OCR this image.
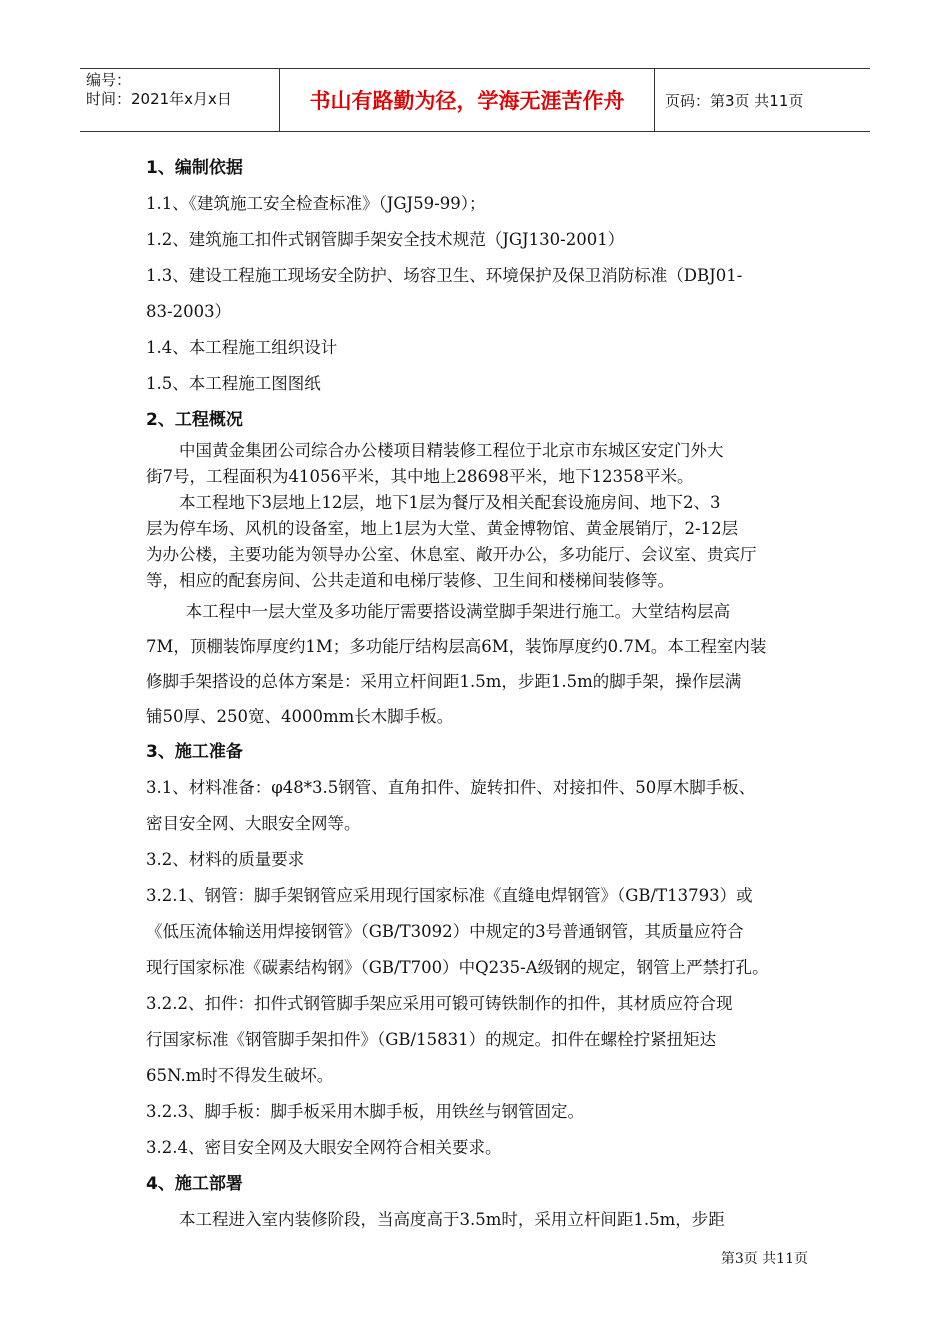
编号：
时间：2021年x月x日	书山有路勤为径，学海无涯苦作舟	页码：第3页 共11页

1、编制依据

1.1、《建筑施工安全检查标准》（JGJ59-99）；

1.2、建筑施工扣件式钢管脚手架安全技术规范（JGJ130-2001）

1.3、建设工程施工现场安全防护、场容卫生、环境保护及保卫消防标准（DBJ01-

83-2003）

1.4、本工程施工组织设计

1.5、本工程施工图图纸

2、工程概况

中国黄金集团公司综合办公楼项目精装修工程位于北京市东城区安定门外大

街7号，工程面积为41056平米，其中地上28698平米，地下12358平米。

本工程地下3层地上12层，地下1层为餐厅及相关配套设施房间、地下2、3

层为停车场、风机的设备室，地上1层为大堂、黄金博物馆、黄金展销厅，2-12层

为办公楼，主要功能为领导办公室、休息室、敞开办公，多功能厅、会议室、贵宾厅

等，相应的配套房间、公共走道和电梯厅装修、卫生间和楼梯间装修等。

本工程中一层大堂及多功能厅需要搭设满堂脚手架进行施工。大堂结构层高

7M，顶棚装饰厚度约1M；多功能厅结构层高6M，装饰厚度约0.7M。本工程室内装

修脚手架搭设的总体方案是：采用立杆间距1.5m，步距1.5m的脚手架，操作层满

铺50厚、250宽、4000mm长木脚手板。

3、施工准备

3.1、材料准备：φ48*3.5钢管、直角扣件、旋转扣件、对接扣件、50厚木脚手板、

密目安全网、大眼安全网等。

3.2、材料的质量要求

3.2.1、钢管：脚手架钢管应采用现行国家标准《直缝电焊钢管》（GB/T13793）或

《低压流体输送用焊接钢管》（GB/T3092）中规定的3号普通钢管，其质量应符合

现行国家标准《碳素结构钢》（GB/T700）中Q235-A级钢的规定，钢管上严禁打孔。

3.2.2、扣件：扣件式钢管脚手架应采用可锻可铸铁制作的扣件，其材质应符合现

行国家标准《钢管脚手架扣件》（GB/15831）的规定。扣件在螺栓拧紧扭矩达

65N.m时不得发生破坏。

3.2.3、脚手板：脚手板采用木脚手板，用铁丝与钢管固定。

3.2.4、密目安全网及大眼安全网符合相关要求。

4、施工部署

本工程进入室内装修阶段，当高度高于3.5m时，采用立杆间距1.5m，步距

第3页 共11页
